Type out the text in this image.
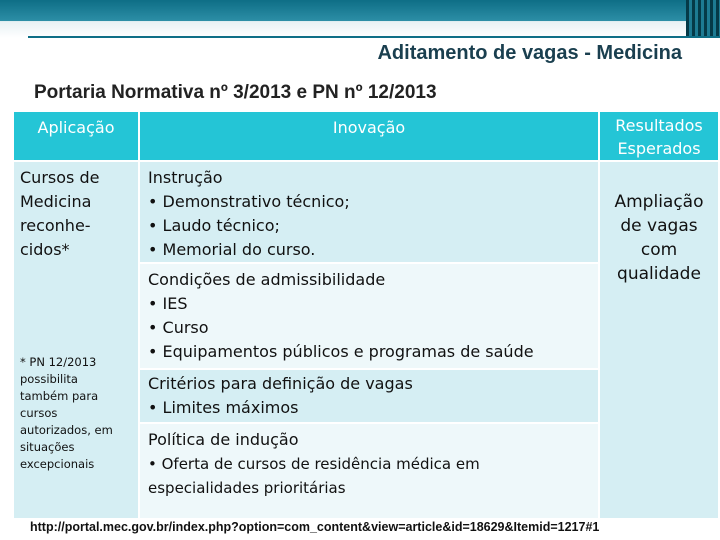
Aditamento de vagas - Medicina
Portaria Normativa nº 3/2013 e PN nº 12/2013
Aplicação	Inovação	Resultados
Esperados
Cursos de
Medicina
reconhe-
cidos*
* PN 12/2013
possibilita
também para
cursos
autorizados, em
situações
excepcionais
Instrução
• Demonstrativo técnico;
• Laudo técnico;
• Memorial do curso.
Condições de admissibilidade
• IES
• Curso
• Equipamentos públicos e programas de saúde
Critérios para definição de vagas
• Limites máximos
Política de indução
• Oferta de cursos de residência médica em
especialidades prioritárias
Ampliação
de vagas
com
qualidade
http://portal.mec.gov.br/index.php?option=com_content&view=article&id=18629&Itemid=1217#1
